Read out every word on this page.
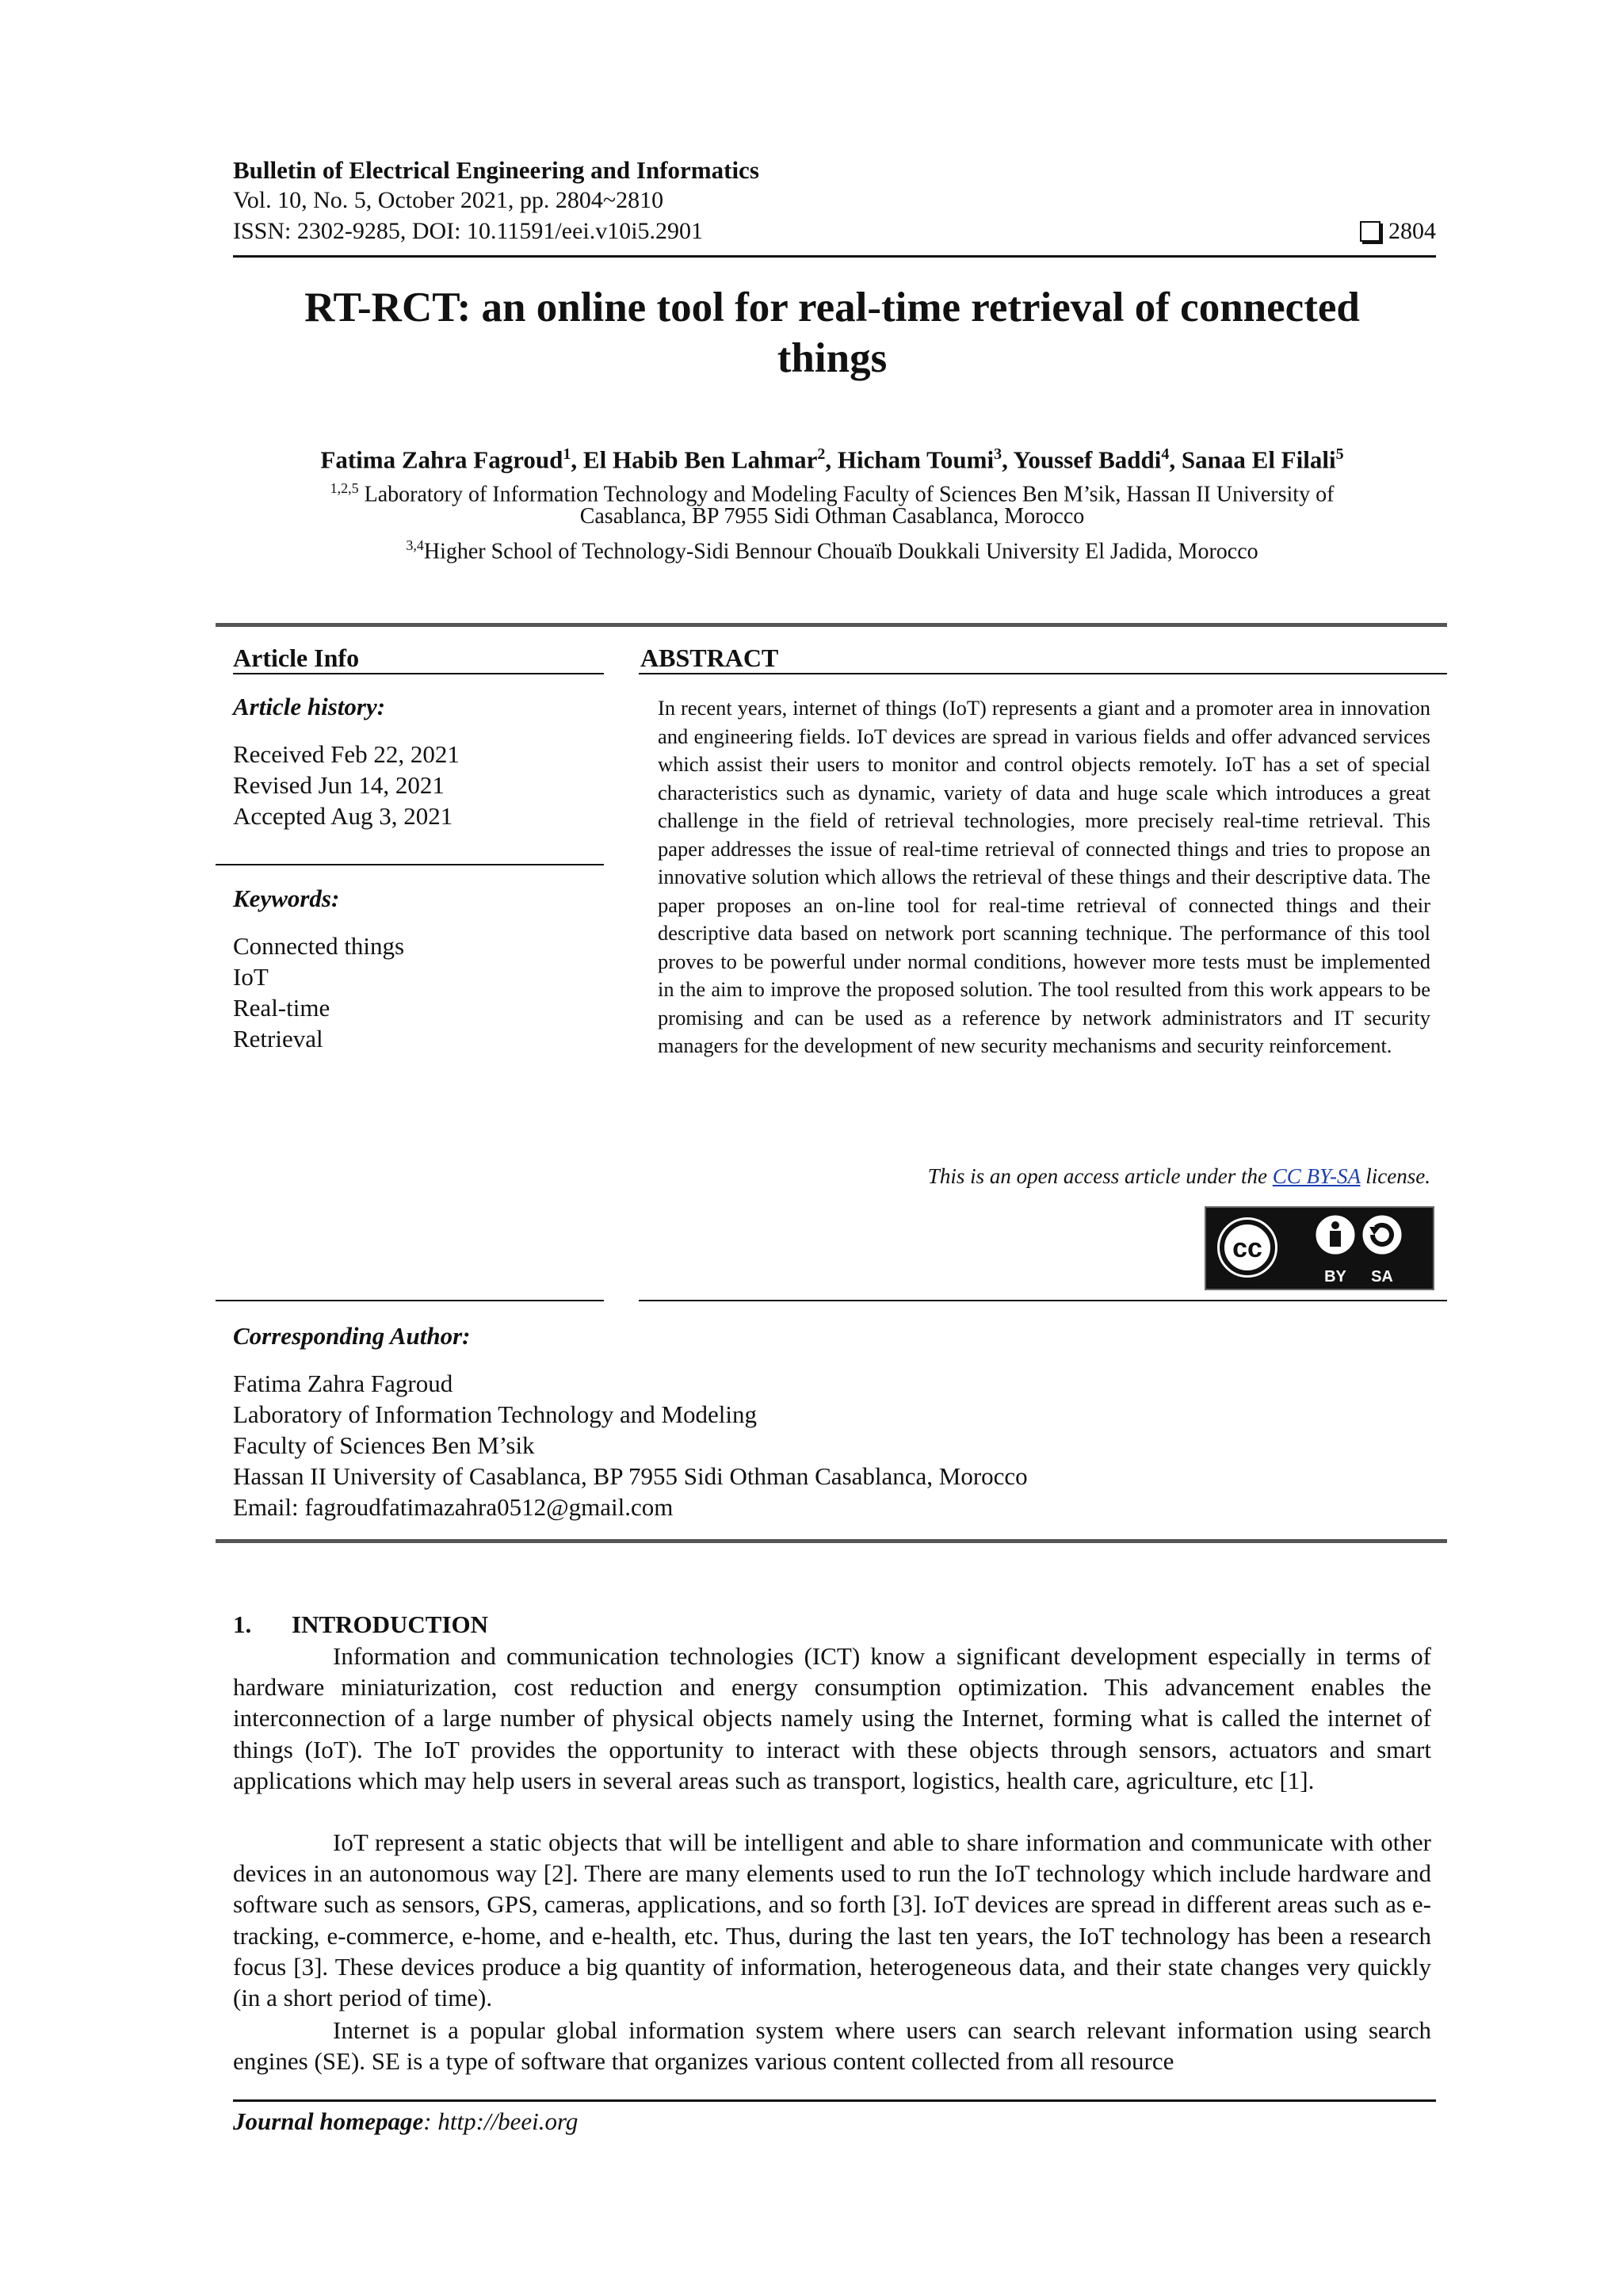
Bulletin of Electrical Engineering and Informatics
Vol. 10, No. 5, October 2021, pp. 2804~2810
ISSN: 2302-9285, DOI: 10.11591/eei.v10i5.2901	2804
RT-RCT: an online tool for real-time retrieval of connected
things
Fatima Zahra Fagroud$^1$, El Habib Ben Lahmar$^2$, Hicham Toumi$^3$, Youssef Baddi$^4$, Sanaa El Filali$^5$
$^{1,2,5}$ Laboratory of Information Technology and Modeling Faculty of Sciences Ben M’sik, Hassan II University of
Casablanca, BP 7955 Sidi Othman Casablanca, Morocco
$^{3,4}$Higher School of Technology-Sidi Bennour Chouaïb Doukkali University El Jadida, Morocco
Article Info
Article history:
Received Feb 22, 2021
Revised Jun 14, 2021
Accepted Aug 3, 2021
Keywords:
Connected things
IoT
Real-time
Retrieval
ABSTRACT
In recent years, internet of things (IoT) represents a giant and a promoter area in innovation and engineering fields. IoT devices are spread in various fields and offer advanced services which assist their users to monitor and control objects remotely. IoT has a set of special characteristics such as dynamic, variety of data and huge scale which introduces a great challenge in the field of retrieval technologies, more precisely real-time retrieval. This paper addresses the issue of real-time retrieval of connected things and tries to propose an innovative solution which allows the retrieval of these things and their descriptive data. The paper proposes an on-line tool for real-time retrieval of connected things and their descriptive data based on network port scanning technique. The performance of this tool proves to be powerful under normal conditions, however more tests must be implemented in the aim to improve the proposed solution. The tool resulted from this work appears to be promising and can be used as a reference by network administrators and IT security managers for the development of new security mechanisms and security reinforcement.
This is an open access article under the CC BY-SA license.
cc
BY SA
Corresponding Author:
Fatima Zahra Fagroud
Laboratory of Information Technology and Modeling
Faculty of Sciences Ben M’sik
Hassan II University of Casablanca, BP 7955 Sidi Othman Casablanca, Morocco
Email: fagroudfatimazahra0512@gmail.com
1. INTRODUCTION
Information and communication technologies (ICT) know a significant development especially in terms of hardware miniaturization, cost reduction and energy consumption optimization. This advancement enables the interconnection of a large number of physical objects namely using the Internet, forming what is called the internet of things (IoT). The IoT provides the opportunity to interact with these objects through sensors, actuators and smart applications which may help users in several areas such as transport, logistics, health care, agriculture, etc [1].
IoT represent a static objects that will be intelligent and able to share information and communicate with other devices in an autonomous way [2]. There are many elements used to run the IoT technology which include hardware and software such as sensors, GPS, cameras, applications, and so forth [3]. IoT devices are spread in different areas such as e-tracking, e-commerce, e-home, and e-health, etc. Thus, during the last ten years, the IoT technology has been a research focus [3]. These devices produce a big quantity of information, heterogeneous data, and their state changes very quickly (in a short period of time).
Internet is a popular global information system where users can search relevant information using search engines (SE). SE is a type of software that organizes various content collected from all resource
Journal homepage: http://beei.org
